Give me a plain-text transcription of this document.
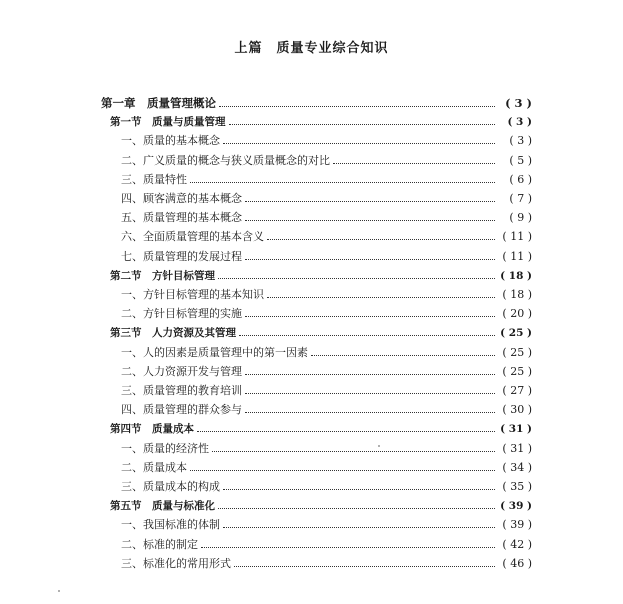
上篇　质量专业综合知识
第一章　质量管理概论	( 3 )
第一节　质量与质量管理	( 3 )
一、质量的基本概念	( 3 )
二、广义质量的概念与狭义质量概念的对比	( 5 )
三、质量特性	( 6 )
四、顾客满意的基本概念	( 7 )
五、质量管理的基本概念	( 9 )
六、全面质量管理的基本含义	( 11 )
七、质量管理的发展过程	( 11 )
第二节　方针目标管理	( 18 )
一、方针目标管理的基本知识	( 18 )
二、方针目标管理的实施	( 20 )
第三节　人力资源及其管理	( 25 )
一、人的因素是质量管理中的第一因素	( 25 )
二、人力资源开发与管理	( 25 )
三、质量管理的教育培训	( 27 )
四、质量管理的群众参与	( 30 )
第四节　质量成本	( 31 )
一、质量的经济性	( 31 )
二、质量成本	( 34 )
三、质量成本的构成	( 35 )
第五节　质量与标准化	( 39 )
一、我国标准的体制	( 39 )
二、标准的制定	( 42 )
三、标准化的常用形式	( 46 )
